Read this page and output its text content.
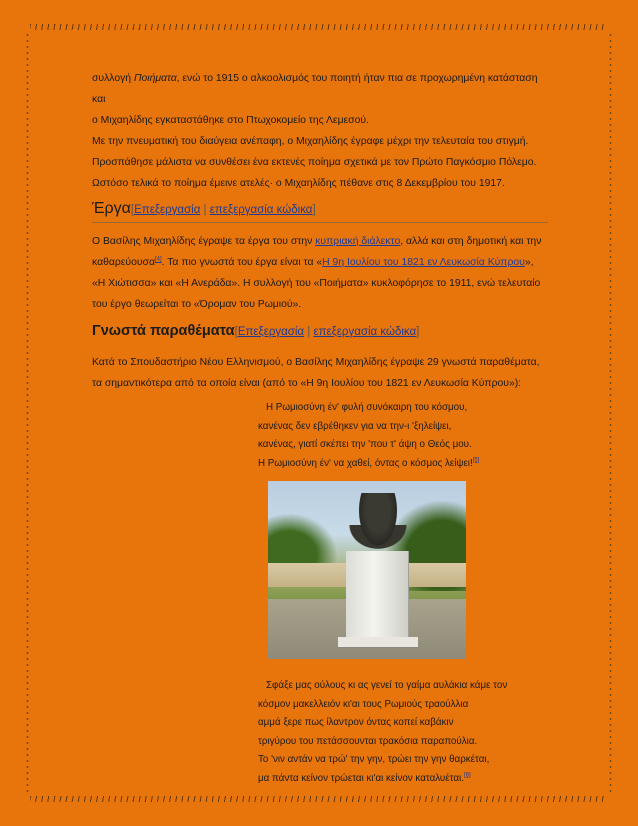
συλλογή Ποιήματα, ενώ το 1915 ο αλκοολισμός του ποιητή ήταν πια σε προχωρημένη κατάσταση και
ο Μιχαηλίδης εγκαταστάθηκε στο Πτωχοκομείο της Λεμεσού.

Με την πνευματική του διαύγεια ανέπαφη, ο Μιχαηλίδης έγραφε μέχρι την τελευταία του στιγμή. Προσπάθησε μάλιστα να συνθέσει ένα εκτενές ποίημα σχετικά με τον Πρώτο Παγκόσμιο Πόλεμο. Ωστόσο τελικά το ποίημα έμεινε ατελές· ο Μιχαηλίδης πέθανε στις 8 Δεκεμβρίου του 1917.

Έργα[Επεξεργασία | επεξεργασία κώδικα]

Ο Βασίλης Μιχαηλίδης έγραψε τα έργα του στην κυπριακή διάλεκτο, αλλά και στη δημοτική και την καθαρεύουσα[4]. Τα πιο γνωστά του έργα είναι τα «Η 9η Ιουλίου του 1821 εν Λευκωσία Κύπρου», «Η Χιώτισσα» και «Η Ανεράδα». Η συλλογή του «Ποιήματα» κυκλοφόρησε το 1911, ενώ τελευταίο του έργο θεωρείται το «Όρομαν του Ρωμιού».

Γνωστά παραθέματα[Επεξεργασία | επεξεργασία κώδικα]

Κατά το Σπουδαστήριο Νέου Ελληνισμού, ο Βασίλης Μιχαηλίδης έγραψε 29 γνωστά παραθέματα, τα σημαντικότερα από τα οποία είναι (από το «Η 9η Ιουλίου του 1821 εν Λευκωσία Κύπρου»):

Η Ρωμιοσύνη έν' φυλή συνόκαιρη του κόσμου,
κανένας δεν εβρέθηκεν για να την-ι 'ξηλείψει,
κανένας, γιατί σκέπει την 'που τ' άψη ο Θεός μου.
Η Ρωμιοσύνη έν' να χαθεί, όντας ο κόσμος λείψει![5]
Σφάξε μας ούλους κι ας γενεί το γαίμα αυλάκια κάμε τον
κόσμον μακελλειόν κι'αι τους Ρωμιούς τραούλλια
αμμά ξερε πως ίλαντρον όντας κοπεί καβάκιν
τριγύρου του πετάσσουνται τρακόσια παραπούλια.
Το 'νιν αντάν να τρώ' την γην, τρώει την γην θαρκέται,
μα πάντα κείνον τρώεται κι'αι κείνον καταλυέται.[6]
